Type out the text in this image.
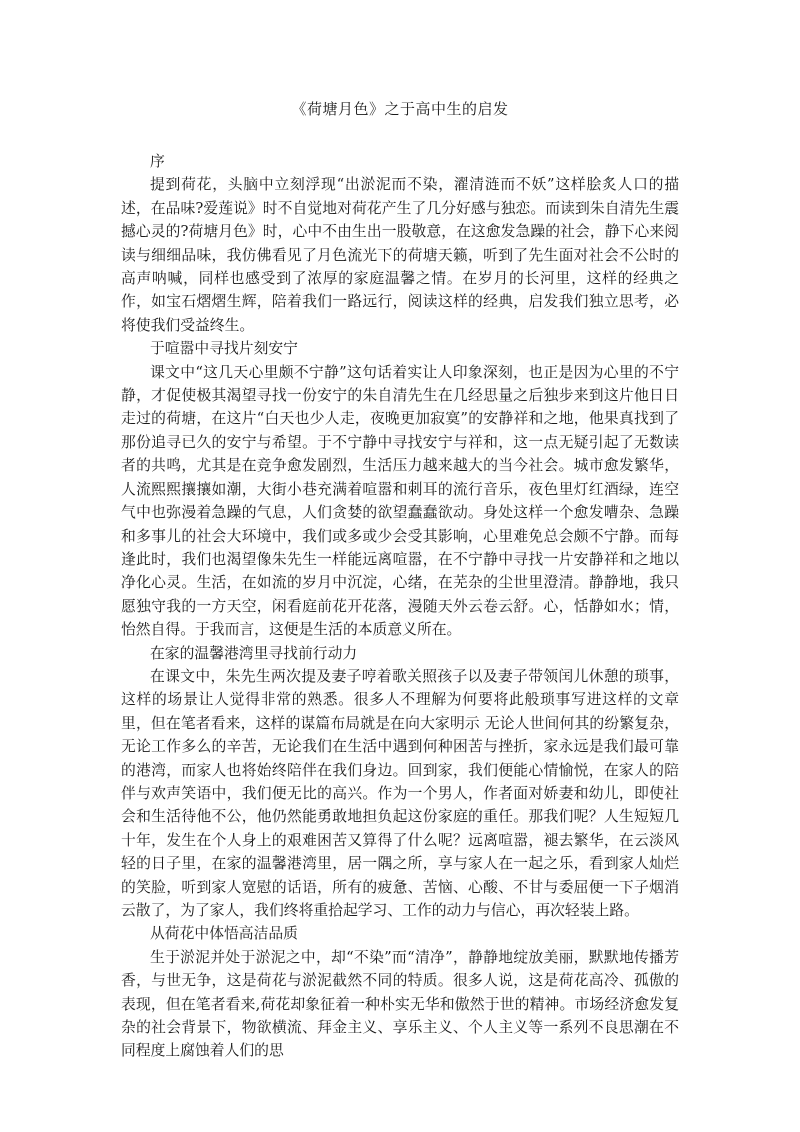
《荷塘月色》之于高中生的启发

序

提到荷花，头脑中立刻浮现“出淤泥而不染，濯清涟而不妖”这样脍炙人口的描述，在品味?爱莲说》时不自觉地对荷花产生了几分好感与独恋。而读到朱自清先生震撼心灵的?荷塘月色》时，心中不由生出一股敬意，在这愈发急躁的社会，静下心来阅读与细细品味，我仿佛看见了月色流光下的荷塘天籁，听到了先生面对社会不公时的高声呐喊，同样也感受到了浓厚的家庭温馨之情。在岁月的长河里，这样的经典之作，如宝石熠熠生辉，陪着我们一路远行，阅读这样的经典，启发我们独立思考，必将使我们受益终生。

于喧嚣中寻找片刻安宁

课文中“这几天心里颇不宁静”这句话着实让人印象深刻，也正是因为心里的不宁静，才促使极其渴望寻找一份安宁的朱自清先生在几经思量之后独步来到这片他日日走过的荷塘，在这片“白天也少人走，夜晚更加寂寞”的安静祥和之地，他果真找到了那份追寻已久的安宁与希望。于不宁静中寻找安宁与祥和，这一点无疑引起了无数读者的共鸣，尤其是在竞争愈发剧烈，生活压力越来越大的当今社会。城市愈发繁华，人流熙熙攘攘如潮，大街小巷充满着喧嚣和刺耳的流行音乐，夜色里灯红酒绿，连空气中也弥漫着急躁的气息，人们贪婪的欲望蠢蠢欲动。身处这样一个愈发嘈杂、急躁和多事儿的社会大环境中，我们或多或少会受其影响，心里难免总会颇不宁静。而每逢此时，我们也渴望像朱先生一样能远离喧嚣，在不宁静中寻找一片安静祥和之地以净化心灵。生活，在如流的岁月中沉淀，心绪，在芜杂的尘世里澄清。静静地，我只愿独守我的一方天空，闲看庭前花开花落，漫随天外云卷云舒。心，恬静如水；情，怡然自得。于我而言，这便是生活的本质意义所在。

在家的温馨港湾里寻找前行动力

在课文中，朱先生两次提及妻子哼着歌关照孩子以及妻子带领闰儿休憩的琐事，这样的场景让人觉得非常的熟悉。很多人不理解为何要将此般琐事写进这样的文章里，但在笔者看来，这样的谋篇布局就是在向大家明示 无论人世间何其的纷繁复杂，无论工作多么的辛苦，无论我们在生活中遇到何种困苦与挫折，家永远是我们最可靠的港湾，而家人也将始终陪伴在我们身边。回到家，我们便能心情愉悦，在家人的陪伴与欢声笑语中，我们便无比的高兴。作为一个男人，作者面对娇妻和幼儿，即使社会和生活待他不公，他仍然能勇敢地担负起这份家庭的重任。那我们呢？人生短短几十年，发生在个人身上的艰难困苦又算得了什么呢？远离喧嚣，褪去繁华，在云淡风轻的日子里，在家的温馨港湾里，居一隅之所，享与家人在一起之乐，看到家人灿烂的笑脸，听到家人宽慰的话语，所有的疲惫、苦恼、心酸、不甘与委屈便一下子烟消云散了，为了家人，我们终将重拾起学习、工作的动力与信心，再次轻装上路。

从荷花中体悟高洁品质

生于淤泥并处于淤泥之中，却“不染”而“清净”，静静地绽放美丽，默默地传播芳香，与世无争，这是荷花与淤泥截然不同的特质。很多人说，这是荷花高冷、孤傲的表现，但在笔者看来,荷花却象征着一种朴实无华和傲然于世的精神。市场经济愈发复杂的社会背景下，物欲横流、拜金主义、享乐主义、个人主义等一系列不良思潮在不同程度上腐蚀着人们的思
